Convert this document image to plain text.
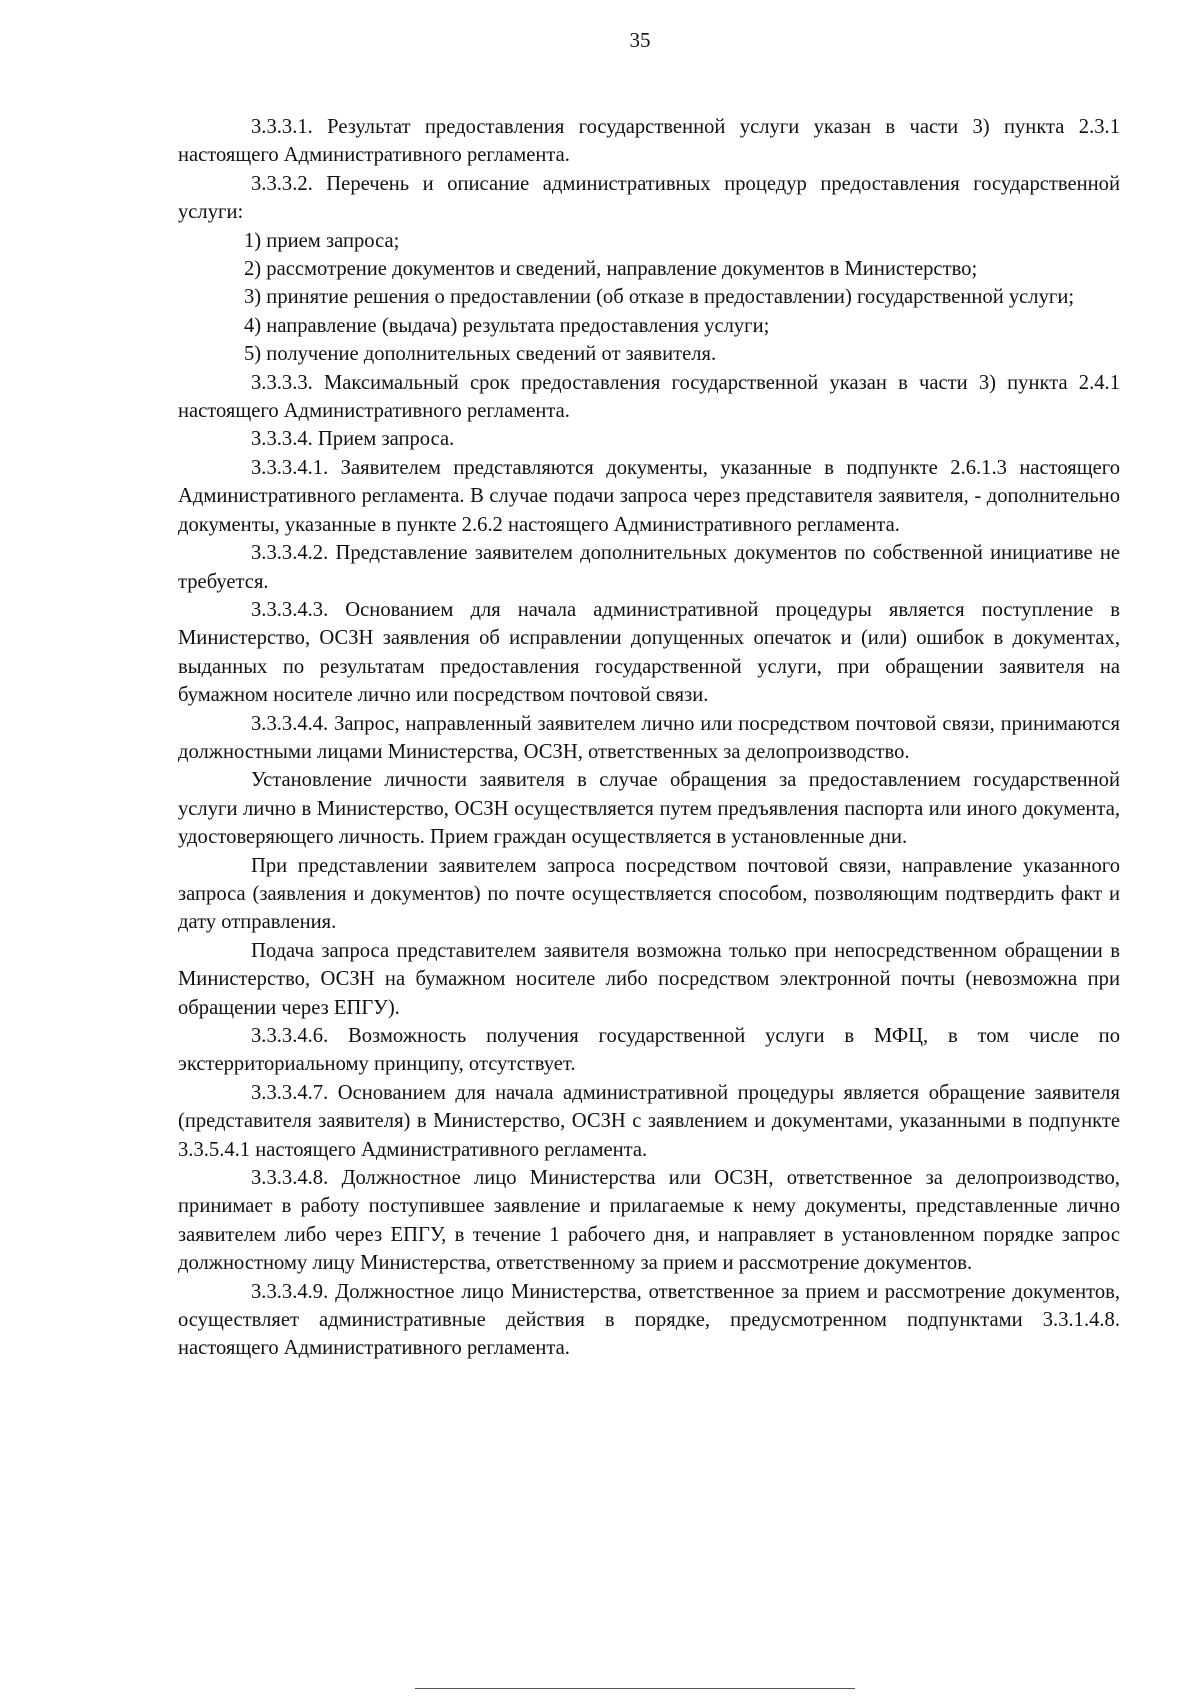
35

3.3.3.1. Результат предоставления государственной услуги указан в части 3) пункта 2.3.1 настоящего Административного регламента.

3.3.3.2. Перечень и описание административных процедур предоставления государственной услуги:

1) прием запроса;

2) рассмотрение документов и сведений, направление документов в Министерство;

3) принятие решения о предоставлении (об отказе в предоставлении) государственной услуги;

4) направление (выдача) результата предоставления услуги;

5) получение дополнительных сведений от заявителя.

3.3.3.3. Максимальный срок предоставления государственной указан в части 3) пункта 2.4.1 настоящего Административного регламента.

3.3.3.4. Прием запроса.

3.3.3.4.1. Заявителем представляются документы, указанные в подпункте 2.6.1.3 настоящего Административного регламента. В случае подачи запроса через представителя заявителя, - дополнительно документы, указанные в пункте 2.6.2 настоящего Административного регламента.

3.3.3.4.2. Представление заявителем дополнительных документов по собственной инициативе не требуется.

3.3.3.4.3. Основанием для начала административной процедуры является поступление в Министерство, ОСЗН заявления об исправлении допущенных опечаток и (или) ошибок в документах, выданных по результатам предоставления государственной услуги, при обращении заявителя на бумажном носителе лично или посредством почтовой связи.

3.3.3.4.4. Запрос, направленный заявителем лично или посредством почтовой связи, принимаются должностными лицами Министерства, ОСЗН, ответственных за делопроизводство.

Установление личности заявителя в случае обращения за предоставлением государственной услуги лично в Министерство, ОСЗН осуществляется путем предъявления паспорта или иного документа, удостоверяющего личность. Прием граждан осуществляется в установленные дни.

При представлении заявителем запроса посредством почтовой связи, направление указанного запроса (заявления и документов) по почте осуществляется способом, позволяющим подтвердить факт и дату отправления.

Подача запроса представителем заявителя возможна только при непосредственном обращении в Министерство, ОСЗН на бумажном носителе либо посредством электронной почты (невозможна при обращении через ЕПГУ).

3.3.3.4.6. Возможность получения государственной услуги в МФЦ, в том числе по экстерриториальному принципу, отсутствует.

3.3.3.4.7. Основанием для начала административной процедуры является обращение заявителя (представителя заявителя) в Министерство, ОСЗН с заявлением и документами, указанными в подпункте 3.3.5.4.1 настоящего Административного регламента.

3.3.3.4.8. Должностное лицо Министерства или ОСЗН, ответственное за делопроизводство, принимает в работу поступившее заявление и прилагаемые к нему документы, представленные лично заявителем либо через ЕПГУ, в течение 1 рабочего дня, и направляет в установленном порядке запрос должностному лицу Министерства, ответственному за прием и рассмотрение документов.

3.3.3.4.9. Должностное лицо Министерства, ответственное за прием и рассмотрение документов, осуществляет административные действия в порядке, предусмотренном подпунктами 3.3.1.4.8. настоящего Административного регламента.
